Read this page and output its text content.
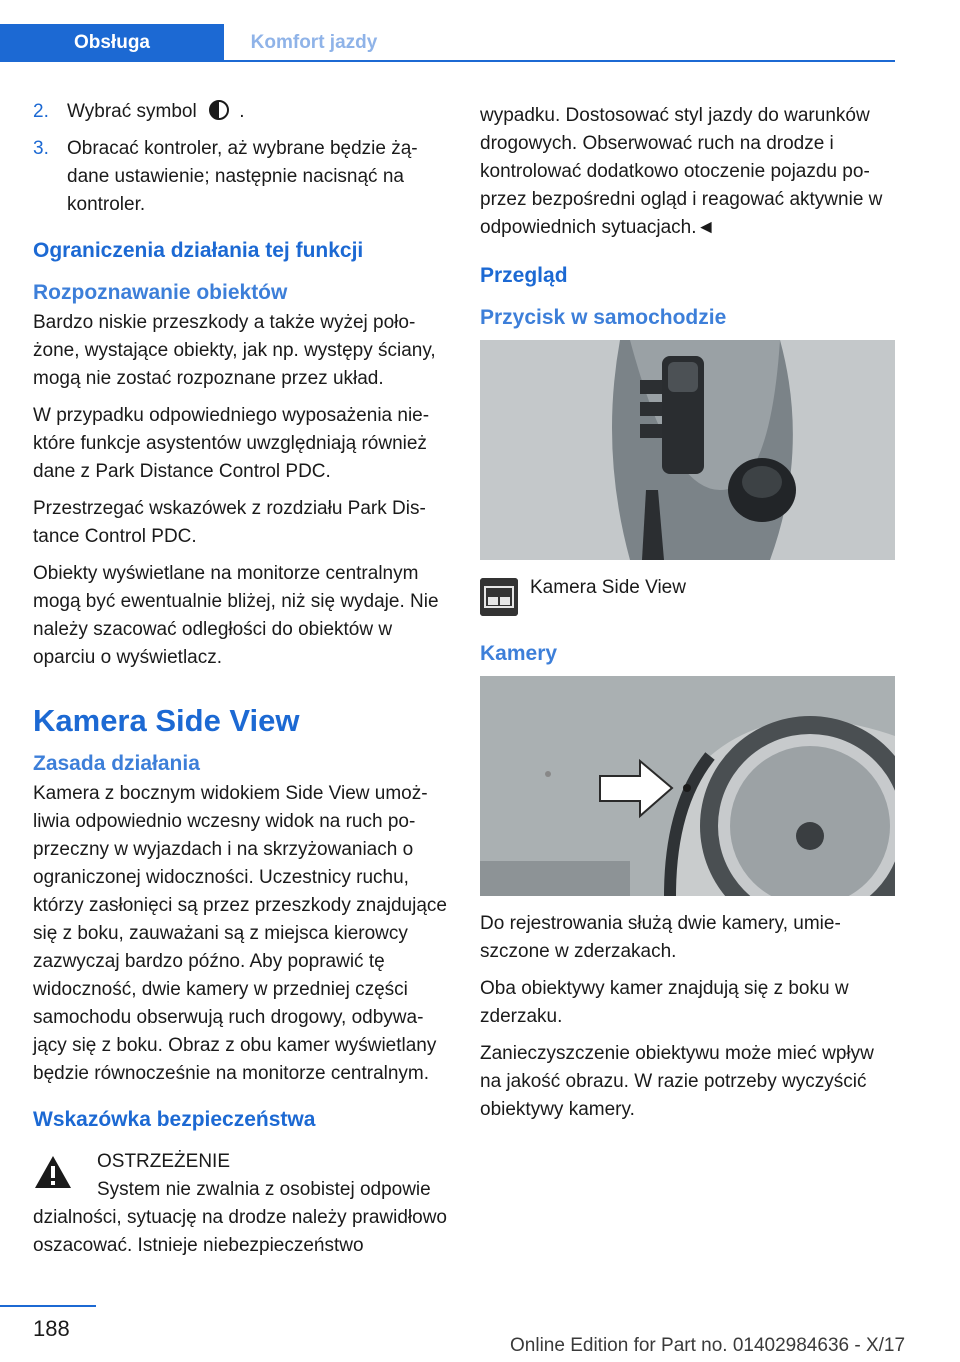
Obsługa	Komfort jazdy

2. Wybrać symbol  .

3. Obracać kontroler, aż wybrane będzie żądane ustawienie; następnie nacisnąć na kontroler.

Ograniczenia działania tej funkcji
Rozpoznawanie obiektów

Bardzo niskie przeszkody a także wyżej położone, wystające obiekty, jak np. występy ściany, mogą nie zostać rozpoznane przez układ.

W przypadku odpowiedniego wyposażenia niektóre funkcje asystentów uwzględniają również dane z Park Distance Control PDC.

Przestrzegać wskazówek z rozdziału Park Distance Control PDC.

Obiekty wyświetlane na monitorze centralnym mogą być ewentualnie bliżej, niż się wydaje. Nie należy szacować odległości do obiektów w oparciu o wyświetlacz.

Kamera Side View
Zasada działania

Kamera z bocznym widokiem Side View umożliwia odpowiednio wczesny widok na ruch poprzeczny w wyjazdach i na skrzyżowaniach o ograniczonej widoczności. Uczestnicy ruchu, którzy zasłonięci są przez przeszkody znajdujące się z boku, zauważani są z miejsca kierowcy zazwyczaj bardzo późno. Aby poprawić tę widoczność, dwie kamery w przedniej części samochodu obserwują ruch drogowy, odbywający się z boku. Obraz z obu kamer wyświetlany będzie równocześnie na monitorze centralnym.

Wskazówka bezpieczeństwa
OSTRZEŻENIE
System nie zwalnia z osobistej odpowie
dzialności, sytuację na drodze należy prawidłowo oszacować. Istnieje niebezpieczeństwo

wypadku. Dostosować styl jazdy do warunków drogowych. Obserwować ruch na drodze i kontrolować dodatkowo otoczenie pojazdu poprzez bezpośredni ogląd i reagować aktywnie w odpowiednich sytuacjach.◄

Przegląd
Przycisk w samochodzie
Kamera Side View
Kamery

Do rejestrowania służą dwie kamery, umieszczone w zderzakach.

Oba obiektywy kamer znajdują się z boku w zderzaku.

Zanieczyszczenie obiektywu może mieć wpływ na jakość obrazu. W razie potrzeby wyczyścić obiektywy kamery.

188
Online Edition for Part no. 01402984636 - X/17
